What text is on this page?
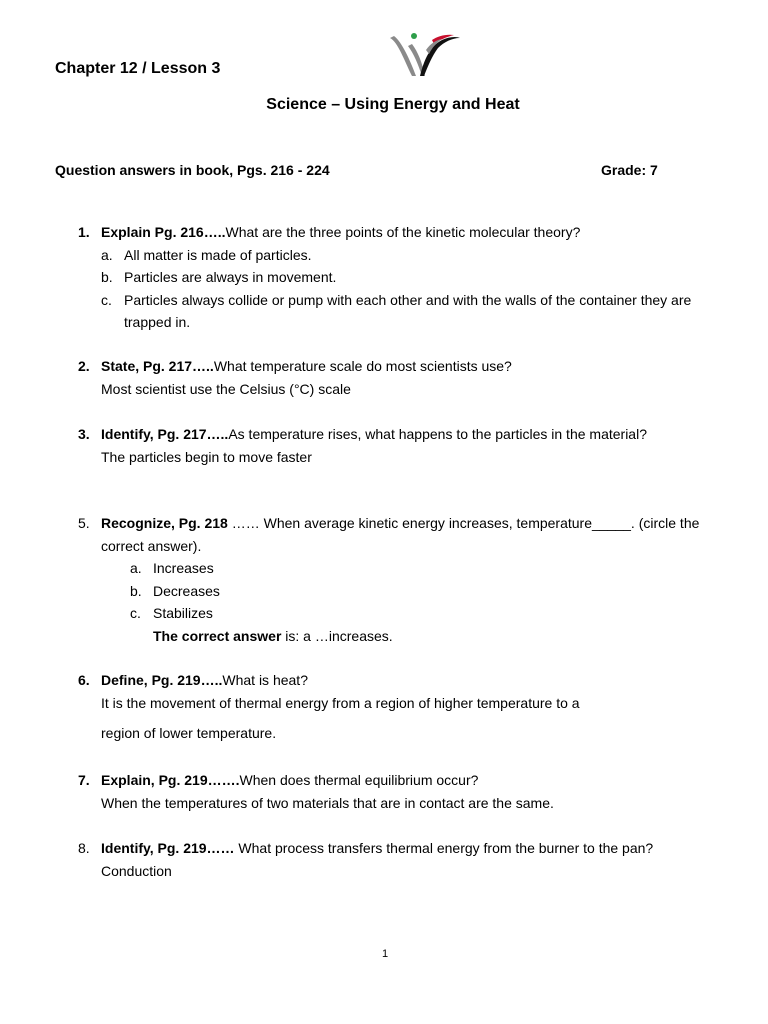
Chapter 12 / Lesson 3
Science – Using Energy and Heat
Question answers in book, Pgs. 216 - 224	Grade: 7
1. Explain Pg. 216…..What are the three points of the kinetic molecular theory?
a. All matter is made of particles.
b. Particles are always in movement.
c. Particles always collide or pump with each other and with the walls of the container they are trapped in.
2. State, Pg. 217…..What temperature scale do most scientists use?
Most scientist use the Celsius (°C) scale
3. Identify, Pg. 217…..As temperature rises, what happens to the particles in the material?
The particles begin to move faster
5. Recognize, Pg. 218 …… When average kinetic energy increases, temperature_____. (circle the correct answer).
a. Increases
b. Decreases
c. Stabilizes
The correct answer is: a …increases.
6. Define, Pg. 219…..What is heat?
It is the movement of thermal energy from a region of higher temperature to a
region of lower temperature.
7. Explain, Pg. 219…….When does thermal equilibrium occur?
When the temperatures of two materials that are in contact are the same.
8. Identify, Pg. 219…… What process transfers thermal energy from the burner to the pan?
Conduction
1
